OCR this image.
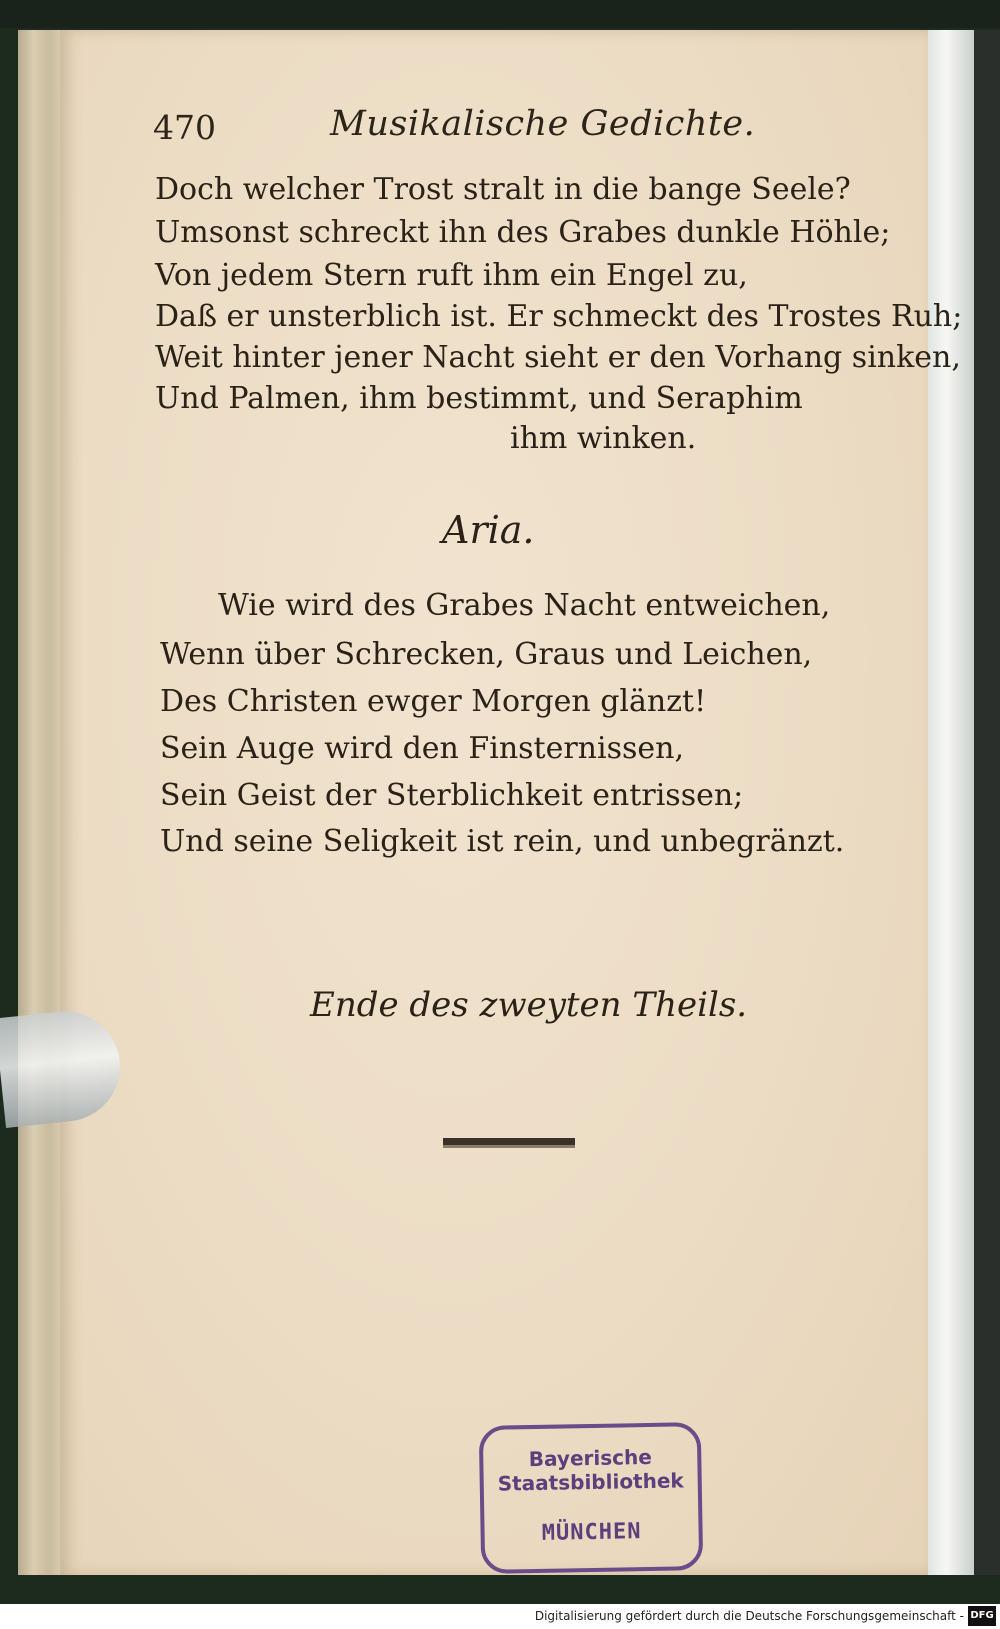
470	Musikalische Gedichte.
Doch welcher Trost stralt in die bange Seele?
Umsonst schreckt ihn des Grabes dunkle Höhle;
Von jedem Stern ruft ihm ein Engel zu,
Daß er unsterblich ist. Er schmeckt des Trostes Ruh;
Weit hinter jener Nacht sieht er den Vorhang sinken,
Und Palmen, ihm bestimmt, und Seraphim
ihm winken.
Aria.
Wie wird des Grabes Nacht entweichen,
Wenn über Schrecken, Graus und Leichen,
Des Christen ewger Morgen glänzt!
Sein Auge wird den Finsternissen,
Sein Geist der Sterblichkeit entrissen;
Und seine Seligkeit ist rein, und unbegränzt.
Ende des zweyten Theils.
Bayerische
Staatsbibliothek
MÜNCHEN
Digitalisierung gefördert durch die Deutsche Forschungsgemeinschaft - DFG
